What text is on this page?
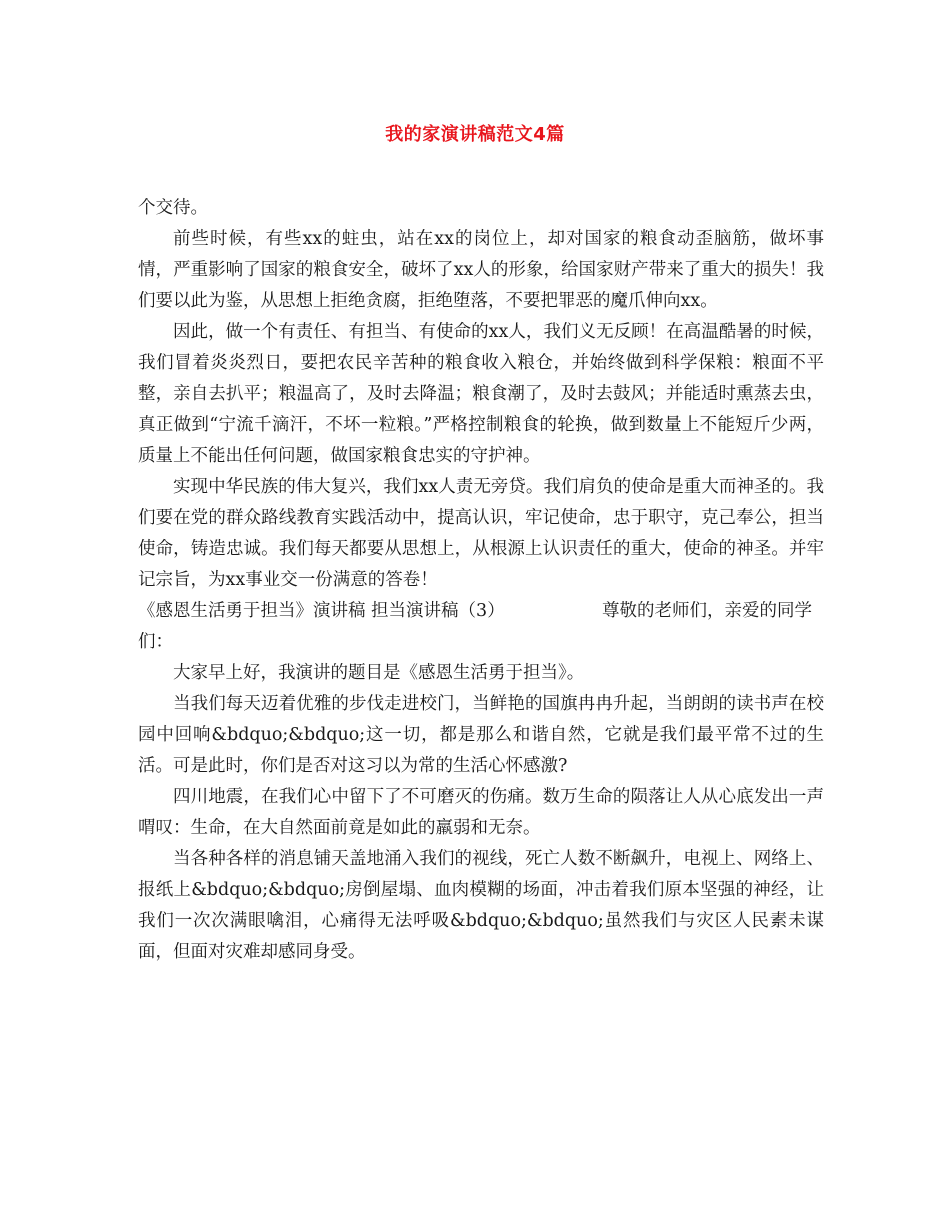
我的家演讲稿范文4篇

个交待。

前些时候，有些xx的蛀虫，站在xx的岗位上，却对国家的粮食动歪脑筋，做坏事情，严重影响了国家的粮食安全，破坏了xx人的形象，给国家财产带来了重大的损失！我们要以此为鉴，从思想上拒绝贪腐，拒绝堕落，不要把罪恶的魔爪伸向xx。

因此，做一个有责任、有担当、有使命的xx人，我们义无反顾！在高温酷暑的时候，我们冒着炎炎烈日，要把农民辛苦种的粮食收入粮仓，并始终做到科学保粮：粮面不平整，亲自去扒平；粮温高了，及时去降温；粮食潮了，及时去鼓风；并能适时熏蒸去虫，真正做到“宁流千滴汗，不坏一粒粮。”严格控制粮食的轮换，做到数量上不能短斤少两，质量上不能出任何问题，做国家粮食忠实的守护神。

实现中华民族的伟大复兴，我们xx人责无旁贷。我们肩负的使命是重大而神圣的。我们要在党的群众路线教育实践活动中，提高认识，牢记使命，忠于职守，克己奉公，担当使命，铸造忠诚。我们每天都要从思想上，从根源上认识责任的重大，使命的神圣。并牢记宗旨，为xx事业交一份满意的答卷！

《感恩生活勇于担当》演讲稿 担当演讲稿（3）	尊敬的老师们，亲爱的同学

们：

大家早上好，我演讲的题目是《感恩生活勇于担当》。

当我们每天迈着优雅的步伐走进校门，当鲜艳的国旗冉冉升起，当朗朗的读书声在校园中回响&bdquo;&bdquo;这一切，都是那么和谐自然，它就是我们最平常不过的生活。可是此时，你们是否对这习以为常的生活心怀感激?

四川地震，在我们心中留下了不可磨灭的伤痛。数万生命的陨落让人从心底发出一声喟叹：生命，在大自然面前竟是如此的羸弱和无奈。

当各种各样的消息铺天盖地涌入我们的视线，死亡人数不断飙升，电视上、网络上、报纸上&bdquo;&bdquo;房倒屋塌、血肉模糊的场面，冲击着我们原本坚强的神经，让我们一次次满眼噙泪，心痛得无法呼吸&bdquo;&bdquo;虽然我们与灾区人民素未谋面，但面对灾难却感同身受。
